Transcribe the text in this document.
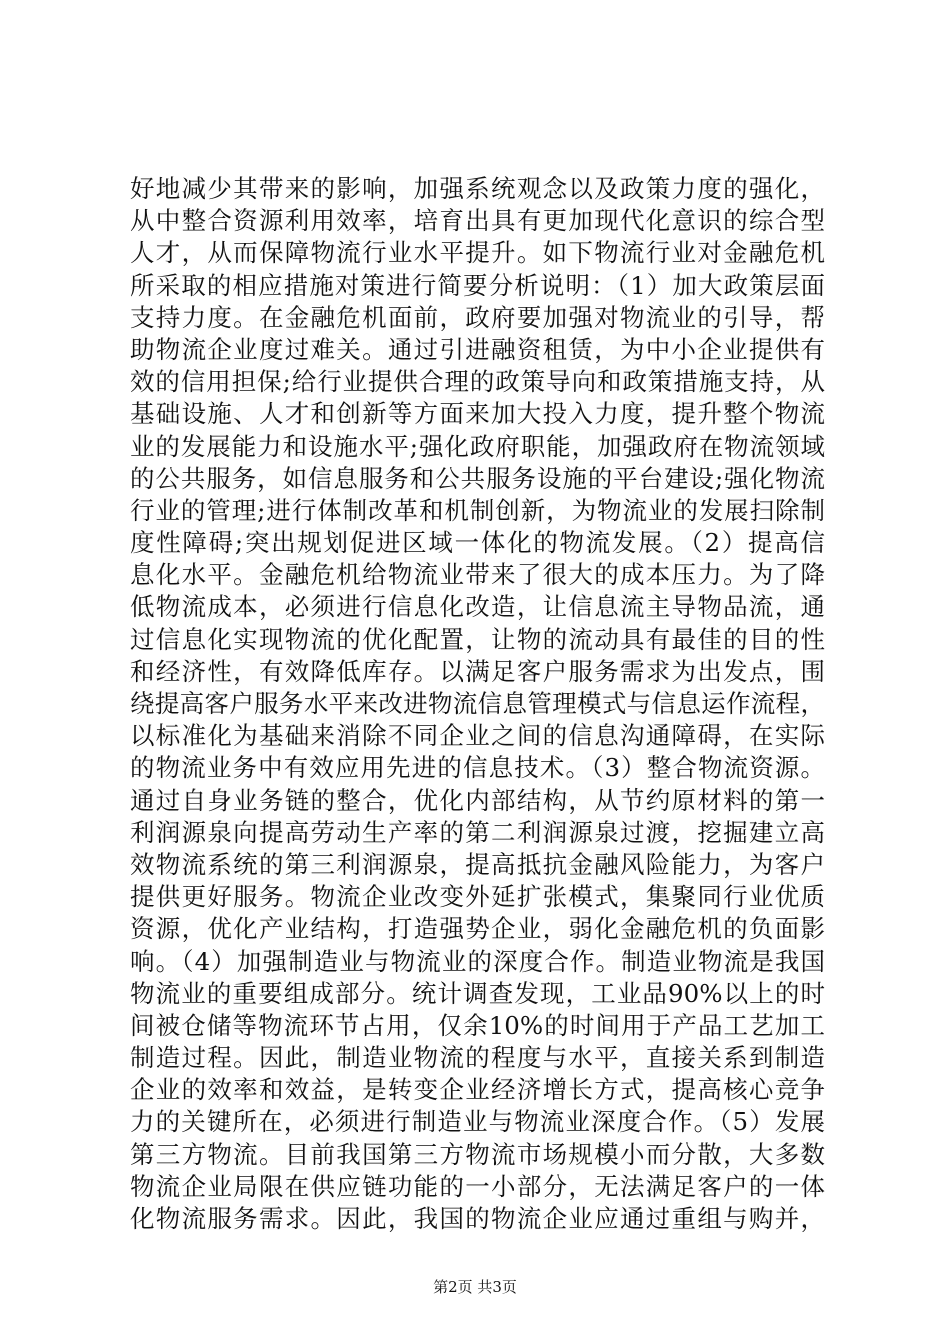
好地减少其带来的影响，加强系统观念以及政策力度的强化，
从中整合资源利用效率，培育出具有更加现代化意识的综合型
人才，从而保障物流行业水平提升。如下物流行业对金融危机
所采取的相应措施对策进行简要分析说明：（1）加大政策层面
支持力度。在金融危机面前，政府要加强对物流业的引导，帮
助物流企业度过难关。通过引进融资租赁，为中小企业提供有
效的信用担保;给行业提供合理的政策导向和政策措施支持，从
基础设施、人才和创新等方面来加大投入力度，提升整个物流
业的发展能力和设施水平;强化政府职能，加强政府在物流领域
的公共服务，如信息服务和公共服务设施的平台建设;强化物流
行业的管理;进行体制改革和机制创新，为物流业的发展扫除制
度性障碍;突出规划促进区域一体化的物流发展。（2）提高信
息化水平。金融危机给物流业带来了很大的成本压力。为了降
低物流成本，必须进行信息化改造，让信息流主导物品流，通
过信息化实现物流的优化配置，让物的流动具有最佳的目的性
和经济性，有效降低库存。以满足客户服务需求为出发点，围
绕提高客户服务水平来改进物流信息管理模式与信息运作流程，
以标准化为基础来消除不同企业之间的信息沟通障碍，在实际
的物流业务中有效应用先进的信息技术。（3）整合物流资源。
通过自身业务链的整合，优化内部结构，从节约原材料的第一
利润源泉向提高劳动生产率的第二利润源泉过渡，挖掘建立高
效物流系统的第三利润源泉，提高抵抗金融风险能力，为客户
提供更好服务。物流企业改变外延扩张模式，集聚同行业优质
资源，优化产业结构，打造强势企业，弱化金融危机的负面影
响。（4）加强制造业与物流业的深度合作。制造业物流是我国
物流业的重要组成部分。统计调查发现，工业品90%以上的时
间被仓储等物流环节占用，仅余10%的时间用于产品工艺加工
制造过程。因此，制造业物流的程度与水平，直接关系到制造
企业的效率和效益，是转变企业经济增长方式，提高核心竞争
力的关键所在，必须进行制造业与物流业深度合作。（5）发展
第三方物流。目前我国第三方物流市场规模小而分散，大多数
物流企业局限在供应链功能的一小部分，无法满足客户的一体
化物流服务需求。因此，我国的物流企业应通过重组与购并，
第2页 共3页
